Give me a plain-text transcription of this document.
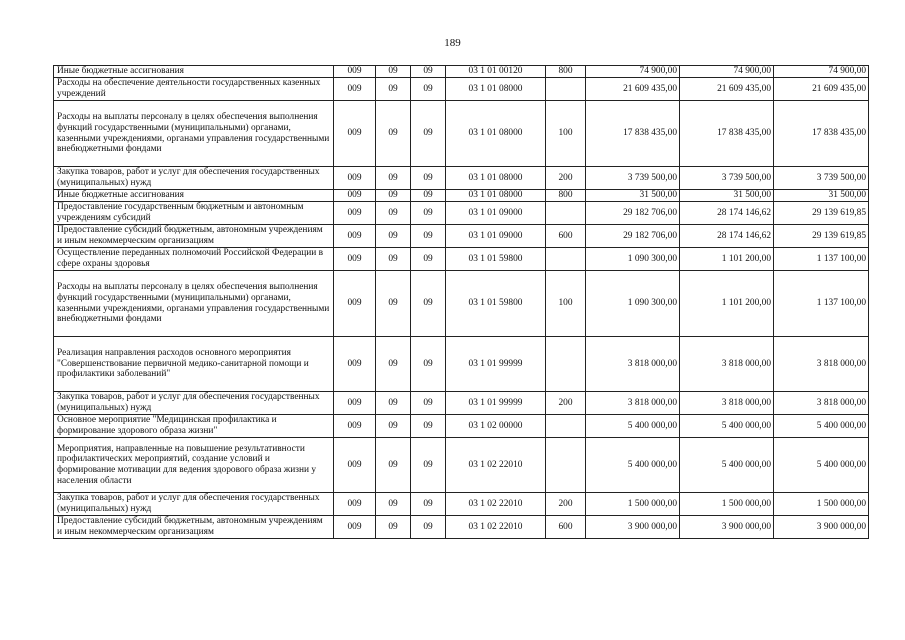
189
Иные бюджетные ассигнования	009	09	09	03 1 01 00120	800	74 900,00	74 900,00	74 900,00
Расходы на обеспечение деятельности государственных казенных учреждений	009	09	09	03 1 01 08000		21 609 435,00	21 609 435,00	21 609 435,00
Расходы на выплаты персоналу в целях обеспечения выполнения функций государственными (муниципальными) органами, казенными учреждениями, органами управления государственными внебюджетными фондами	009	09	09	03 1 01 08000	100	17 838 435,00	17 838 435,00	17 838 435,00
Закупка товаров, работ и услуг для обеспечения государственных (муниципальных) нужд	009	09	09	03 1 01 08000	200	3 739 500,00	3 739 500,00	3 739 500,00
Иные бюджетные ассигнования	009	09	09	03 1 01 08000	800	31 500,00	31 500,00	31 500,00
Предоставление государственным бюджетным и автономным учреждениям субсидий	009	09	09	03 1 01 09000		29 182 706,00	28 174 146,62	29 139 619,85
Предоставление субсидий бюджетным, автономным учреждениям и иным некоммерческим организациям	009	09	09	03 1 01 09000	600	29 182 706,00	28 174 146,62	29 139 619,85
Осуществление переданных полномочий Российской Федерации в сфере охраны здоровья	009	09	09	03 1 01 59800		1 090 300,00	1 101 200,00	1 137 100,00
Расходы на выплаты персоналу в целях обеспечения выполнения функций государственными (муниципальными) органами, казенными учреждениями, органами управления государственными внебюджетными фондами	009	09	09	03 1 01 59800	100	1 090 300,00	1 101 200,00	1 137 100,00
Реализация направления расходов основного мероприятия "Совершенствование первичной медико-санитарной помощи и профилактики заболеваний"	009	09	09	03 1 01 99999		3 818 000,00	3 818 000,00	3 818 000,00
Закупка товаров, работ и услуг для обеспечения государственных (муниципальных) нужд	009	09	09	03 1 01 99999	200	3 818 000,00	3 818 000,00	3 818 000,00
Основное мероприятие "Медицинская профилактика и формирование здорового образа жизни"	009	09	09	03 1 02 00000		5 400 000,00	5 400 000,00	5 400 000,00
Мероприятия, направленные на повышение результативности профилактических мероприятий, создание условий и формирование мотивации для ведения здорового образа жизни у населения области	009	09	09	03 1 02 22010		5 400 000,00	5 400 000,00	5 400 000,00
Закупка товаров, работ и услуг для обеспечения государственных (муниципальных) нужд	009	09	09	03 1 02 22010	200	1 500 000,00	1 500 000,00	1 500 000,00
Предоставление субсидий бюджетным, автономным учреждениям и иным некоммерческим организациям	009	09	09	03 1 02 22010	600	3 900 000,00	3 900 000,00	3 900 000,00
